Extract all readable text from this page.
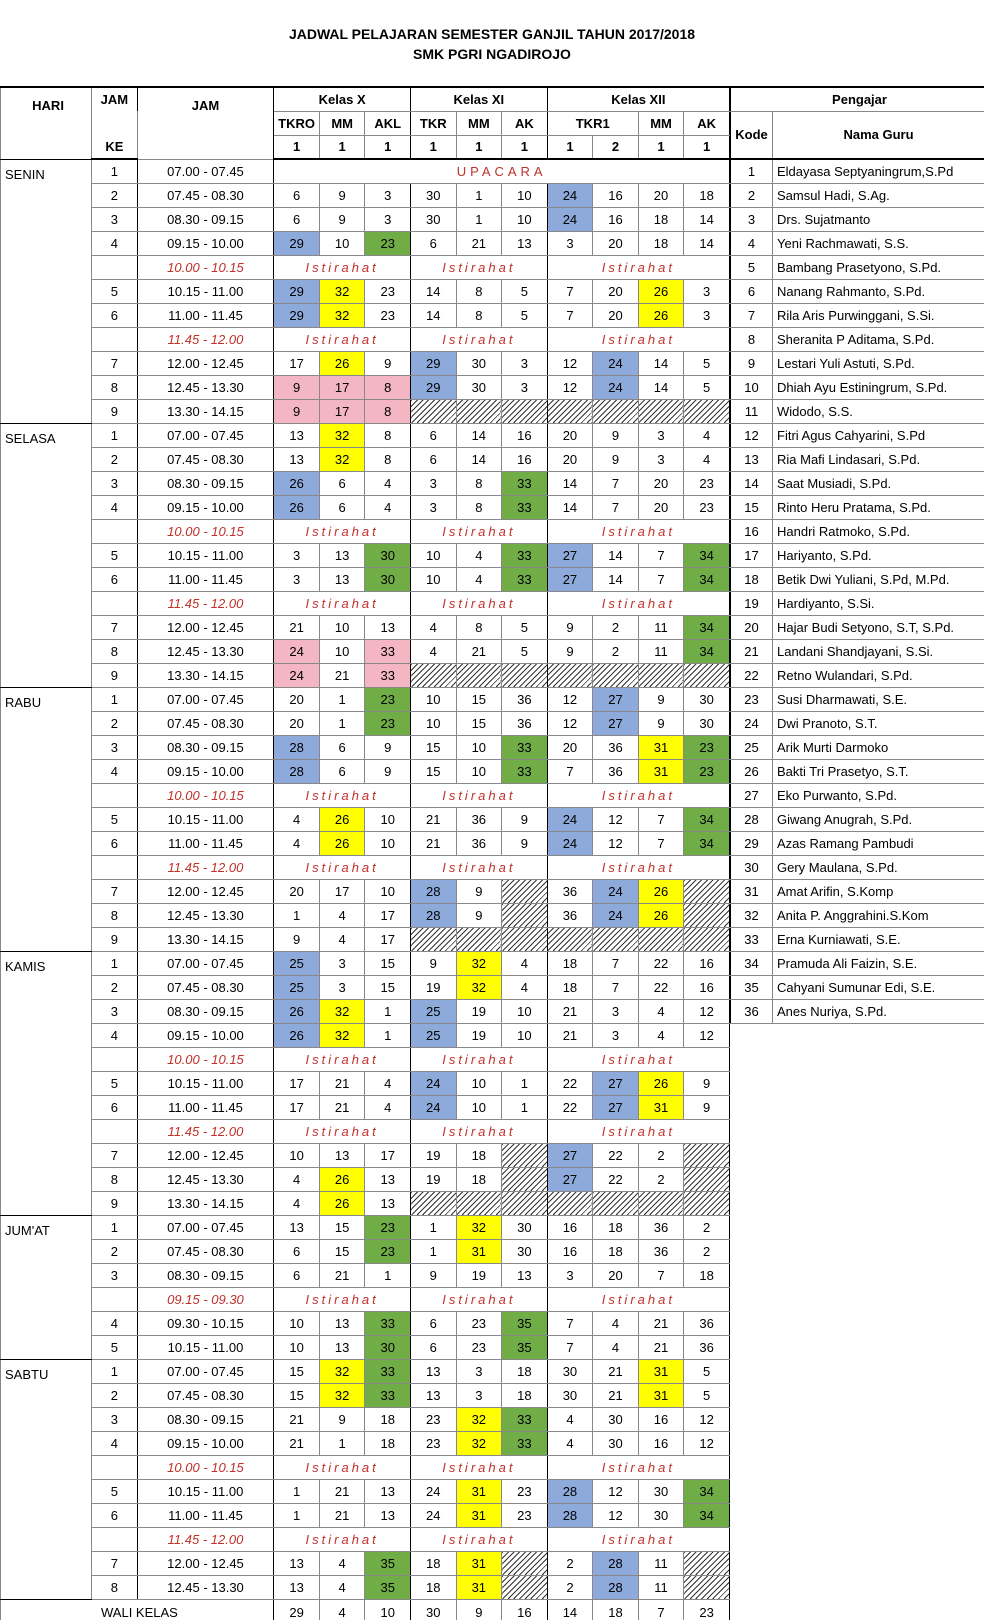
JADWAL PELAJARAN SEMESTER GANJIL TAHUN 2017/2018
SMK PGRI NGADIROJO
HARI	JAM	JAM	Kelas X			Kelas XI			Kelas XII			
			TKRO	MM	AKL	TKR	MM	AK	TKR1		MM	AK
	KE		1	1	1	1	1	1	1	2	1	1
SENIN	1	07.00 - 07.45	UPACARA									
	2	07.45 - 08.30	6	9	3	30	1	10	24	16	20	18
	3	08.30 - 09.15	6	9	3	30	1	10	24	16	18	14
	4	09.15 - 10.00	29	10	23	6	21	13	3	20	18	14
		10.00 - 10.15	Istirahat			Istirahat			Istirahat			
	5	10.15 - 11.00	29	32	23	14	8	5	7	20	26	3
	6	11.00 - 11.45	29	32	23	14	8	5	7	20	26	3
		11.45 - 12.00	Istirahat			Istirahat			Istirahat			
	7	12.00 - 12.45	17	26	9	29	30	3	12	24	14	5
	8	12.45 - 13.30	9	17	8	29	30	3	12	24	14	5
	9	13.30 - 14.15	9	17	8							
SELASA	1	07.00 - 07.45	13	32	8	6	14	16	20	9	3	4
	2	07.45 - 08.30	13	32	8	6	14	16	20	9	3	4
	3	08.30 - 09.15	26	6	4	3	8	33	14	7	20	23
	4	09.15 - 10.00	26	6	4	3	8	33	14	7	20	23
		10.00 - 10.15	Istirahat			Istirahat			Istirahat			
	5	10.15 - 11.00	3	13	30	10	4	33	27	14	7	34
	6	11.00 - 11.45	3	13	30	10	4	33	27	14	7	34
		11.45 - 12.00	Istirahat			Istirahat			Istirahat			
	7	12.00 - 12.45	21	10	13	4	8	5	9	2	11	34
	8	12.45 - 13.30	24	10	33	4	21	5	9	2	11	34
	9	13.30 - 14.15	24	21	33							
RABU	1	07.00 - 07.45	20	1	23	10	15	36	12	27	9	30
	2	07.45 - 08.30	20	1	23	10	15	36	12	27	9	30
	3	08.30 - 09.15	28	6	9	15	10	33	20	36	31	23
	4	09.15 - 10.00	28	6	9	15	10	33	7	36	31	23
		10.00 - 10.15	Istirahat			Istirahat			Istirahat			
	5	10.15 - 11.00	4	26	10	21	36	9	24	12	7	34
	6	11.00 - 11.45	4	26	10	21	36	9	24	12	7	34
		11.45 - 12.00	Istirahat			Istirahat			Istirahat			
	7	12.00 - 12.45	20	17	10	28	9		36	24	26	
	8	12.45 - 13.30	1	4	17	28	9		36	24	26	
	9	13.30 - 14.15	9	4	17							
KAMIS	1	07.00 - 07.45	25	3	15	9	32	4	18	7	22	16
	2	07.45 - 08.30	25	3	15	19	32	4	18	7	22	16
	3	08.30 - 09.15	26	32	1	25	19	10	21	3	4	12
	4	09.15 - 10.00	26	32	1	25	19	10	21	3	4	12
		10.00 - 10.15	Istirahat			Istirahat			Istirahat			
	5	10.15 - 11.00	17	21	4	24	10	1	22	27	26	9
	6	11.00 - 11.45	17	21	4	24	10	1	22	27	31	9
		11.45 - 12.00	Istirahat			Istirahat			Istirahat			
	7	12.00 - 12.45	10	13	17	19	18		27	22	2	
	8	12.45 - 13.30	4	26	13	19	18		27	22	2	
	9	13.30 - 14.15	4	26	13							
JUM'AT	1	07.00 - 07.45	13	15	23	1	32	30	16	18	36	2
	2	07.45 - 08.30	6	15	23	1	31	30	16	18	36	2
	3	08.30 - 09.15	6	21	1	9	19	13	3	20	7	18
		09.15 - 09.30	Istirahat			Istirahat			Istirahat			
	4	09.30 - 10.15	10	13	33	6	23	35	7	4	21	36
	5	10.15 - 11.00	10	13	30	6	23	35	7	4	21	36
SABTU	1	07.00 - 07.45	15	32	33	13	3	18	30	21	31	5
	2	07.45 - 08.30	15	32	33	13	3	18	30	21	31	5
	3	08.30 - 09.15	21	9	18	23	32	33	4	30	16	12
	4	09.15 - 10.00	21	1	18	23	32	33	4	30	16	12
		10.00 - 10.15	Istirahat			Istirahat			Istirahat			
	5	10.15 - 11.00	1	21	13	24	31	23	28	12	30	34
	6	11.00 - 11.45	1	21	13	24	31	23	28	12	30	34
		11.45 - 12.00	Istirahat			Istirahat			Istirahat			
	7	12.00 - 12.45	13	4	35	18	31		2	28	11	
	8	12.45 - 13.30	13	4	35	18	31		2	28	11	
WALI KELAS			29	4	10	30	9	16	14	18	7	23
Pengajar	
Kode	Nama Guru
1	Eldayasa Septyaningrum,S.Pd
2	Samsul Hadi, S.Ag.
3	Drs. Sujatmanto
4	Yeni Rachmawati, S.S.
5	Bambang Prasetyono, S.Pd.
6	Nanang Rahmanto, S.Pd.
7	Rila Aris Purwinggani, S.Si.
8	Sheranita P Aditama, S.Pd.
9	Lestari Yuli Astuti, S.Pd.
10	Dhiah Ayu Estiningrum, S.Pd.
11	Widodo, S.S.
12	Fitri Agus Cahyarini, S.Pd
13	Ria Mafi Lindasari, S.Pd.
14	Saat Musiadi, S.Pd.
15	Rinto Heru Pratama, S.Pd.
16	Handri Ratmoko, S.Pd.
17	Hariyanto, S.Pd.
18	Betik Dwi Yuliani, S.Pd, M.Pd.
19	Hardiyanto, S.Si.
20	Hajar Budi Setyono, S.T, S.Pd.
21	Landani Shandjayani, S.Si.
22	Retno Wulandari, S.Pd.
23	Susi Dharmawati, S.E.
24	Dwi Pranoto, S.T.
25	Arik Murti Darmoko
26	Bakti Tri Prasetyo, S.T.
27	Eko Purwanto, S.Pd.
28	Giwang Anugrah, S.Pd.
29	Azas Ramang Pambudi
30	Gery Maulana, S.Pd.
31	Amat Arifin, S.Komp
32	Anita P. Anggrahini.S.Kom
33	Erna Kurniawati, S.E.
34	Pramuda Ali Faizin, S.E.
35	Cahyani Sumunar Edi, S.E.
36	Anes Nuriya, S.Pd.
